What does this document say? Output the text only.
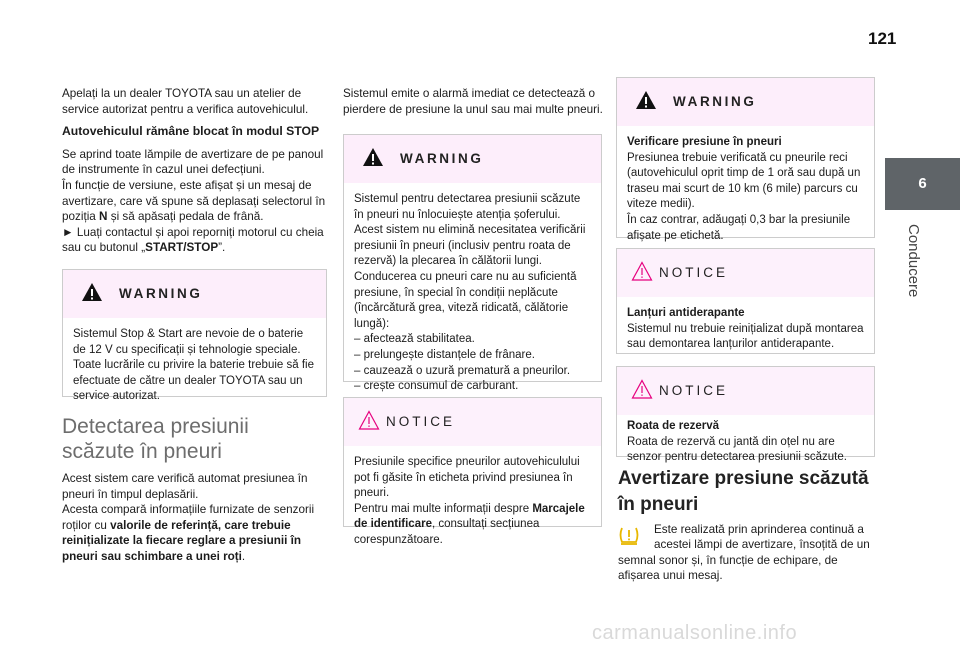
121
6
Conducere

Apelați la un dealer TOYOTA sau un atelier de service autorizat pentru a verifica autovehiculul.

Autovehiculul rămâne blocat în modul STOP

Se aprind toate lămpile de avertizare de pe panoul de instrumente în cazul unei defecțiuni.

În funcție de versiune, este afișat și un mesaj de avertizare, care vă spune să deplasați selectorul în poziția N și să apăsați pedala de frână.

► Luați contactul și apoi reporniți motorul cu cheia sau cu butonul „START/STOP”.

WARNING
Sistemul Stop & Start are nevoie de o baterie de 12 V cu specificații și tehnologie speciale. Toate lucrările cu privire la baterie trebuie să fie efectuate de către un dealer TOYOTA sau un service autorizat.
Detectarea presiunii
scăzute în pneuri

Acest sistem care verifică automat presiunea în pneuri în timpul deplasării.

Acesta compară informațiile furnizate de senzorii roților cu valorile de referință, care trebuie reinițializate la fiecare reglare a presiunii în pneuri sau schimbare a unei roți.

Sistemul emite o alarmă imediat ce detectează o pierdere de presiune la unul sau mai multe pneuri.

WARNING
Sistemul pentru detectarea presiunii scăzute în pneuri nu înlocuiește atenția șoferului.
Acest sistem nu elimină necesitatea verificării presiunii în pneuri (inclusiv pentru roata de rezervă) la plecarea în călătorii lungi.
Conducerea cu pneuri care nu au suficientă presiune, în special în condiții neplăcute (încărcătură grea, viteză ridicată, călătorie lungă):
– afectează stabilitatea.
– prelungește distanțele de frânare.
– cauzează o uzură prematură a pneurilor.
– crește consumul de carburant.
NOTICE
Presiunile specifice pneurilor autovehiculului pot fi găsite în eticheta privind presiunea în pneuri.
Pentru mai multe informații despre Marcajele de identificare, consultați secțiunea corespunzătoare.
WARNING
Verificare presiune în pneuri
Presiunea trebuie verificată cu pneurile reci (autovehiculul oprit timp de 1 oră sau după un traseu mai scurt de 10 km (6 mile) parcurs cu viteze medii).
În caz contrar, adăugați 0,3 bar la presiunile afișate pe etichetă.
NOTICE
Lanțuri antiderapante
Sistemul nu trebuie reinițializat după montarea sau demontarea lanțurilor antiderapante.
NOTICE
Roata de rezervă
Roata de rezervă cu jantă din oțel nu are senzor pentru detectarea presiunii scăzute.
Avertizare presiune scăzută
în pneuri
Este realizată prin aprinderea continuă a
acestei lămpi de avertizare, însoțită de un semnal sonor și, în funcție de echipare, de afișarea unui mesaj.
carmanualsonline.info
